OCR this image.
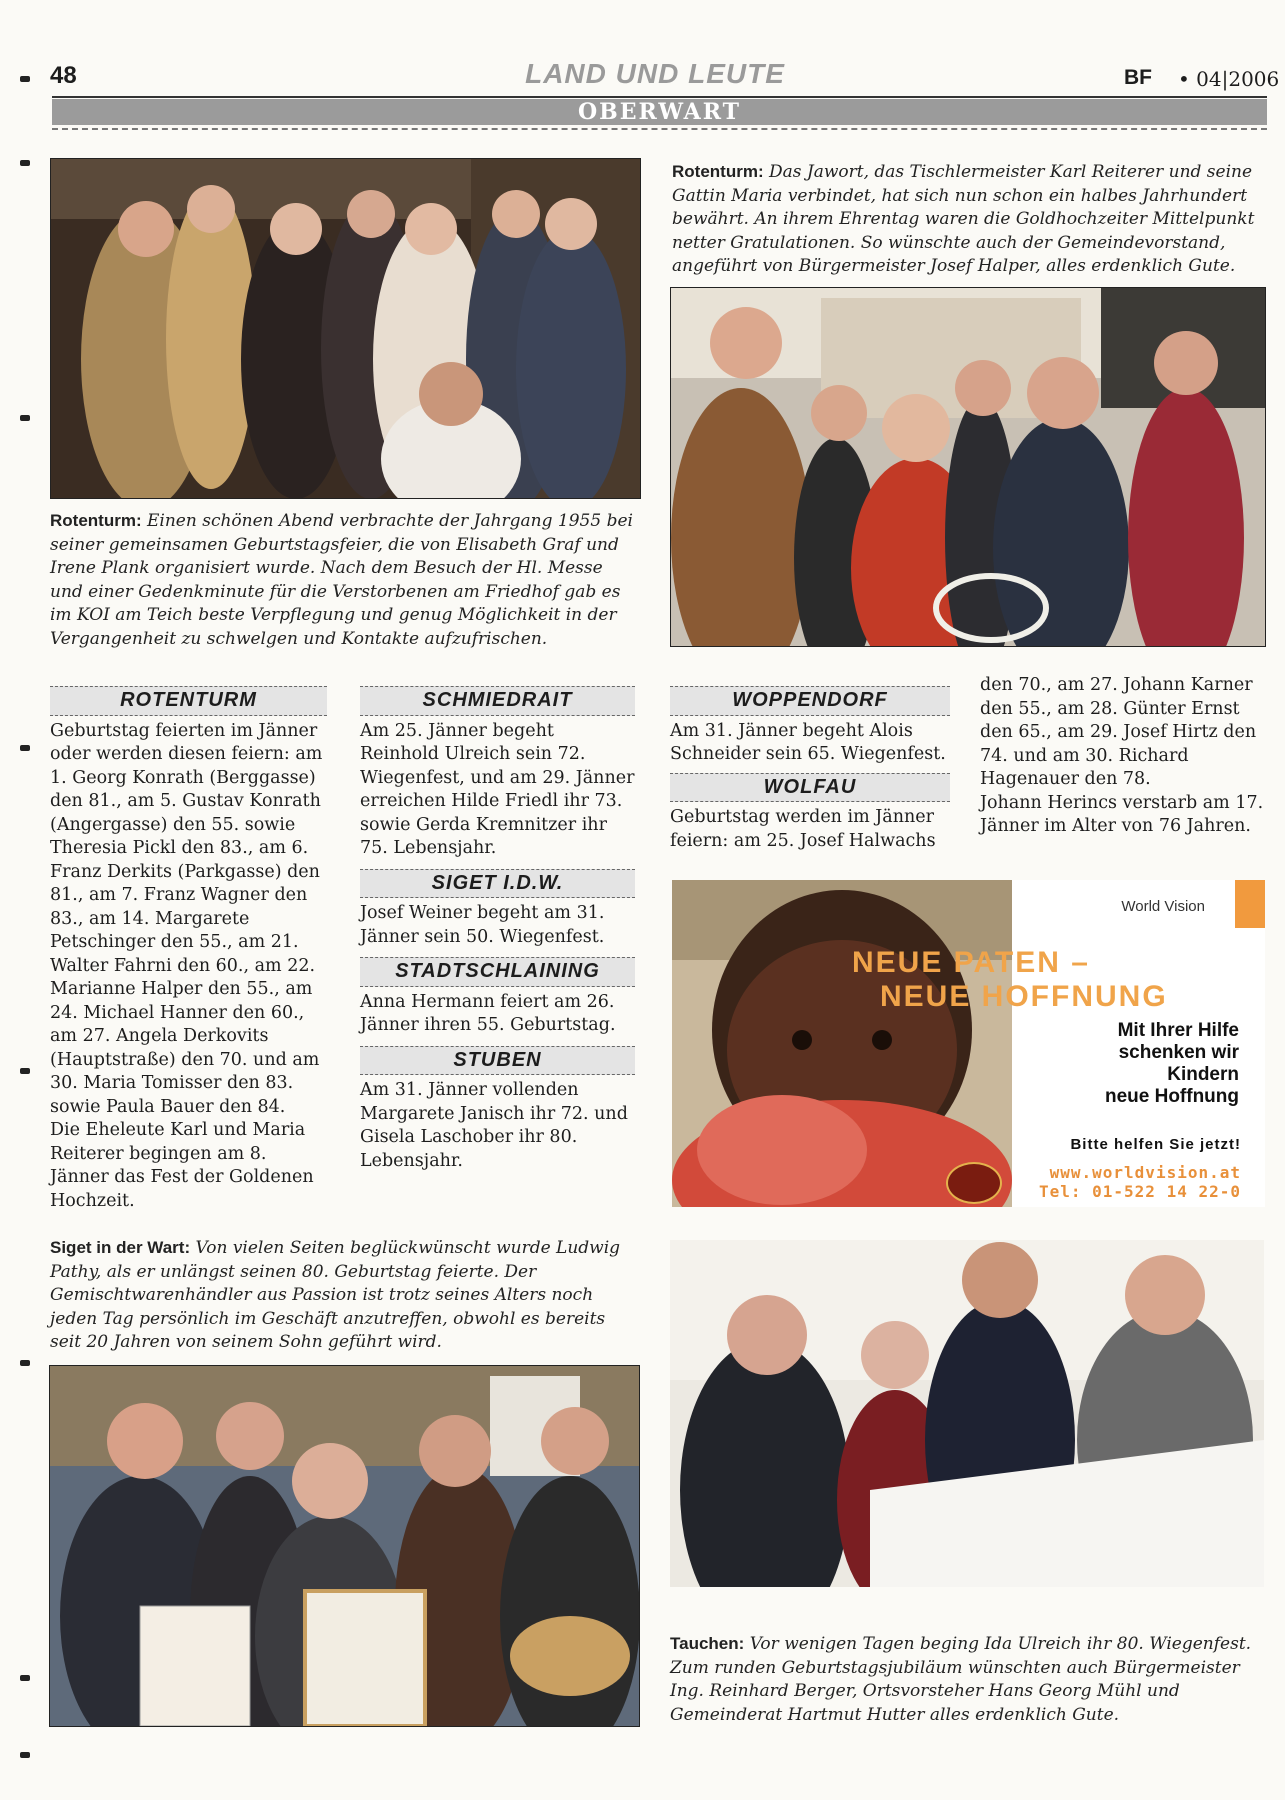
48	LAND UND LEUTE	BF • 04|2006
OBERWART
Rotenturm: Einen schönen Abend verbrachte der Jahrgang 1955 bei seiner gemeinsamen Geburtstagsfeier, die von Elisabeth Graf und Irene Plank organisiert wurde. Nach dem Besuch der Hl. Messe und einer Gedenkminute für die Verstorbenen am Friedhof gab es im KOI am Teich beste Verpflegung und genug Möglichkeit in der Vergangenheit zu schwelgen und Kontakte aufzufrischen.
Rotenturm: Das Jawort, das Tischlermeister Karl Reiterer und seine Gattin Maria verbindet, hat sich nun schon ein halbes Jahrhundert bewährt. An ihrem Ehrentag waren die Goldhochzeiter Mittelpunkt netter Gratulationen. So wünschte auch der Gemeindevorstand, angeführt von Bürgermeister Josef Halper, alles erdenklich Gute.
ROTENTURM

Geburtstag feierten im Jänner oder werden diesen feiern: am 1. Georg Konrath (Berggasse) den 81., am 5. Gustav Konrath (Angergasse) den 55. sowie Theresia Pickl den 83., am 6. Franz Derkits (Parkgasse) den 81., am 7. Franz Wagner den 83., am 14. Margarete Petschinger den 55., am 21. Walter Fahrni den 60., am 22. Marianne Halper den 55., am 24. Michael Hanner den 60., am 27. Angela Derkovits (Hauptstraße) den 70. und am 30. Maria Tomisser den 83. sowie Paula Bauer den 84.

Die Eheleute Karl und Maria Reiterer begingen am 8. Jänner das Fest der Goldenen Hochzeit.

SCHMIEDRAIT

Am 25. Jänner begeht Reinhold Ulreich sein 72. Wiegenfest, und am 29. Jänner erreichen Hilde Friedl ihr 73. sowie Gerda Kremnitzer ihr 75. Lebensjahr.

SIGET I.D.W.

Josef Weiner begeht am 31. Jänner sein 50. Wiegenfest.

STADTSCHLAINING

Anna Hermann feiert am 26. Jänner ihren 55. Geburtstag.

STUBEN

Am 31. Jänner vollenden Margarete Janisch ihr 72. und Gisela Laschober ihr 80. Lebensjahr.

WOPPENDORF

Am 31. Jänner begeht Alois Schneider sein 65. Wiegenfest.

WOLFAU

Geburtstag werden im Jänner feiern: am 25. Josef Halwachs

den 70., am 27. Johann Karner den 55., am 28. Günter Ernst den 65., am 29. Josef Hirtz den 74. und am 30. Richard Hagenauer den 78.

Johann Herincs verstarb am 17. Jänner im Alter von 76 Jahren.

World Vision
NEUE PATEN –
NEUE HOFFNUNG
Mit Ihrer Hilfe
schenken wir
Kindern
neue Hoffnung
Bitte helfen Sie jetzt!
www.worldvision.at
Tel: 01-522 14 22-0
Siget in der Wart: Von vielen Seiten beglückwünscht wurde Ludwig Pathy, als er unlängst seinen 80. Geburtstag feierte. Der Gemischtwarenhändler aus Passion ist trotz seines Alters noch jeden Tag persönlich im Geschäft anzutreffen, obwohl es bereits seit 20 Jahren von seinem Sohn geführt wird.
Tauchen: Vor wenigen Tagen beging Ida Ulreich ihr 80. Wiegenfest. Zum runden Geburtstagsjubiläum wünschten auch Bürgermeister Ing. Reinhard Berger, Ortsvorsteher Hans Georg Mühl und Gemeinderat Hartmut Hutter alles erdenklich Gute.
